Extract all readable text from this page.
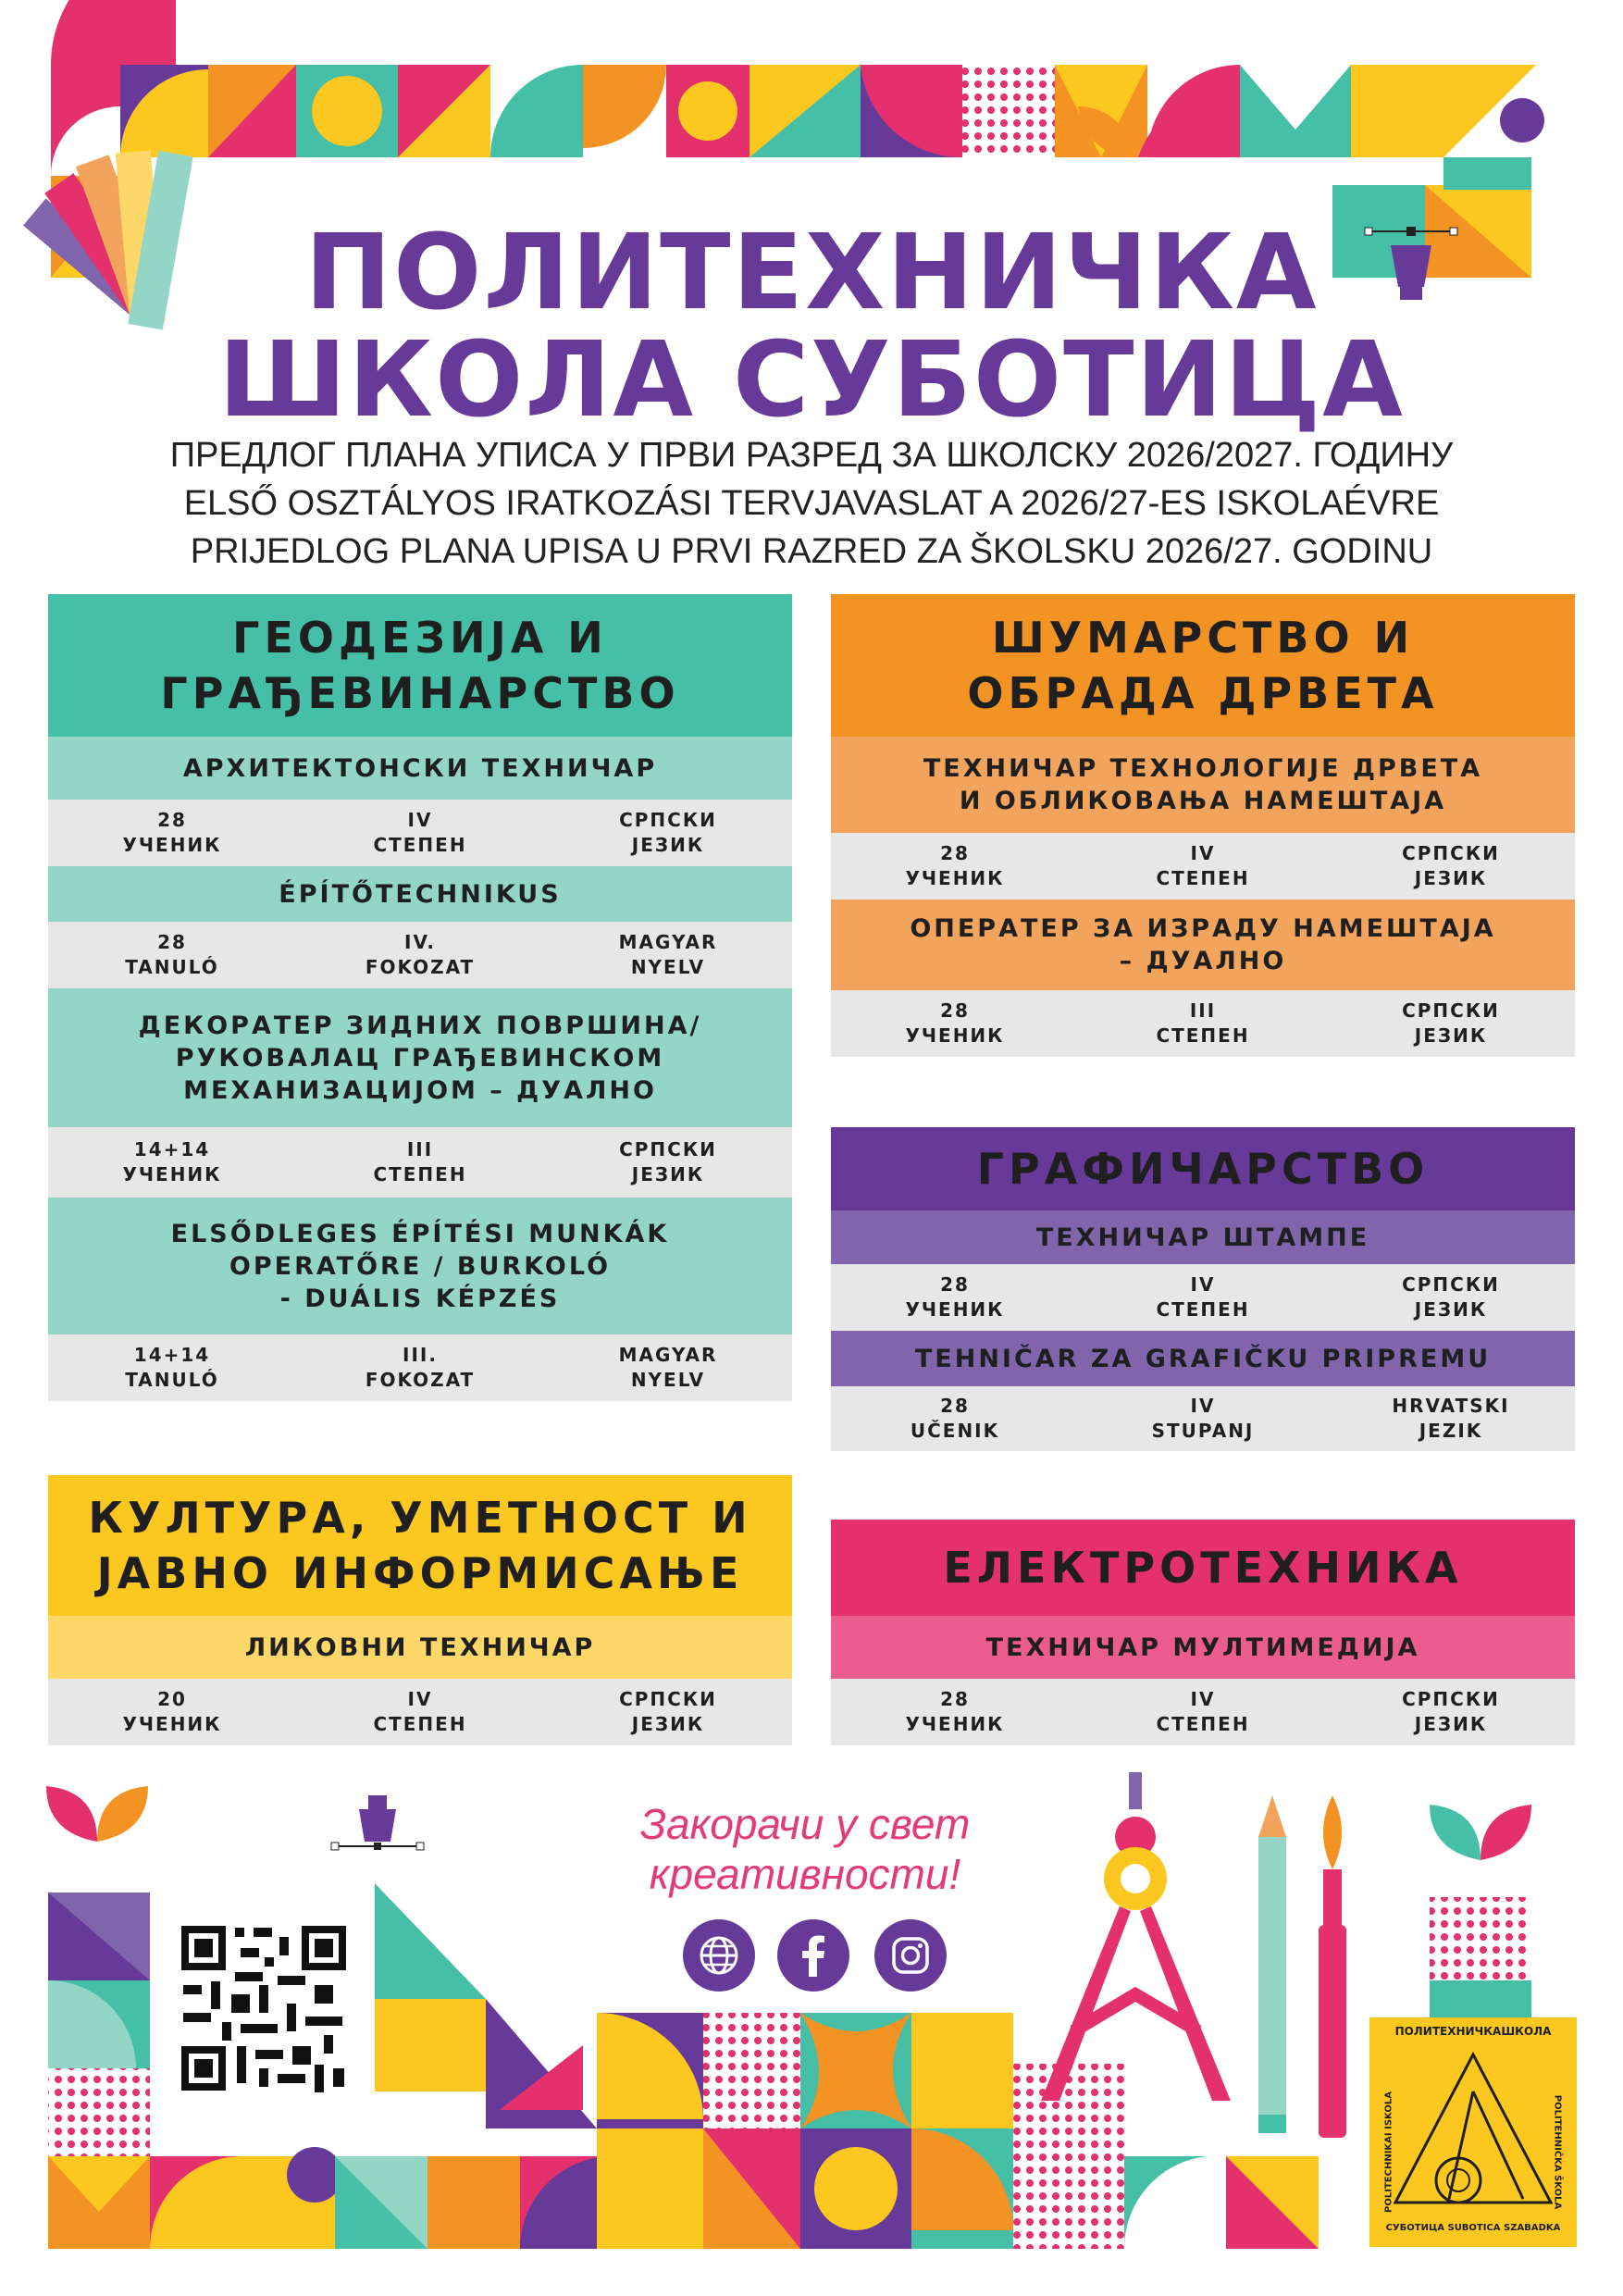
ПОЛИТЕХНИЧКА
ШКОЛА СУБОТИЦА
ПРЕДЛОГ ПЛАНА УПИСА У ПРВИ РАЗРЕД ЗА ШКОЛСКУ 2026/2027. ГОДИНУ
ELSŐ OSZTÁLYOS IRATKOZÁSI TERVJAVASLAT A 2026/27-ES ISKOLAÉVRE
PRIJEDLOG PLANA UPISA U PRVI RAZRED ZA ŠKOLSKU 2026/27. GODINU
ГЕОДЕЗИЈА И
ГРАЂЕВИНАРСТВО
АРХИТЕКТОНСКИ ТЕХНИЧАР
28
УЧЕНИК
IV
СТЕПЕН
СРПСКИ
ЈЕЗИК
ÉPÍTŐTECHNIKUS
28
TANULÓ
IV.
FOKOZAT
MAGYAR
NYELV
ДЕКОРАТЕР ЗИДНИХ ПОВРШИНА/
РУКОВАЛАЦ ГРАЂЕВИНСКОМ
МЕХАНИЗАЦИЈОМ – ДУАЛНО
14+14
УЧЕНИК
III
СТЕПЕН
СРПСКИ
ЈЕЗИК
ELSŐDLEGES ÉPÍTÉSI MUNKÁK
OPERATŐRE / BURKOLÓ
- DUÁLIS KÉPZÉS
14+14
TANULÓ
III.
FOKOZAT
MAGYAR
NYELV
ШУМАРСТВО И
ОБРАДА ДРВЕТА
ТЕХНИЧАР ТЕХНОЛОГИЈЕ ДРВЕТА
И ОБЛИКОВАЊА НАМЕШТАЈА
28
УЧЕНИК
IV
СТЕПЕН
СРПСКИ
ЈЕЗИК
ОПЕРАТЕР ЗА ИЗРАДУ НАМЕШТАЈА
– ДУАЛНО
28
УЧЕНИК
III
СТЕПЕН
СРПСКИ
ЈЕЗИК
ГРАФИЧАРСТВО
ТЕХНИЧАР ШТАМПЕ
28
УЧЕНИК
IV
СТЕПЕН
СРПСКИ
ЈЕЗИК
TEHNIČAR ZA GRAFIČKU PRIPREMU
28
UČENIK
IV
STUPANJ
HRVATSKI
JEZIK
КУЛТУРА, УМЕТНОСТ И
ЈАВНО ИНФОРМИСАЊЕ
ЛИКОВНИ ТЕХНИЧАР
20
УЧЕНИК
IV
СТЕПЕН
СРПСКИ
ЈЕЗИК
ЕЛЕКТРОТЕХНИКА
ТЕХНИЧАР МУЛТИМЕДИЈА
28
УЧЕНИК
IV
СТЕПЕН
СРПСКИ
ЈЕЗИК
Закорачи у свет
креативности!
ПОЛИТЕХНИЧКАШКОЛА
POLITECHNIKAI ISKOLA	POLITEHNIČKA ŠKOLA
СУБОТИЦА SUBOTICA SZABADKA
